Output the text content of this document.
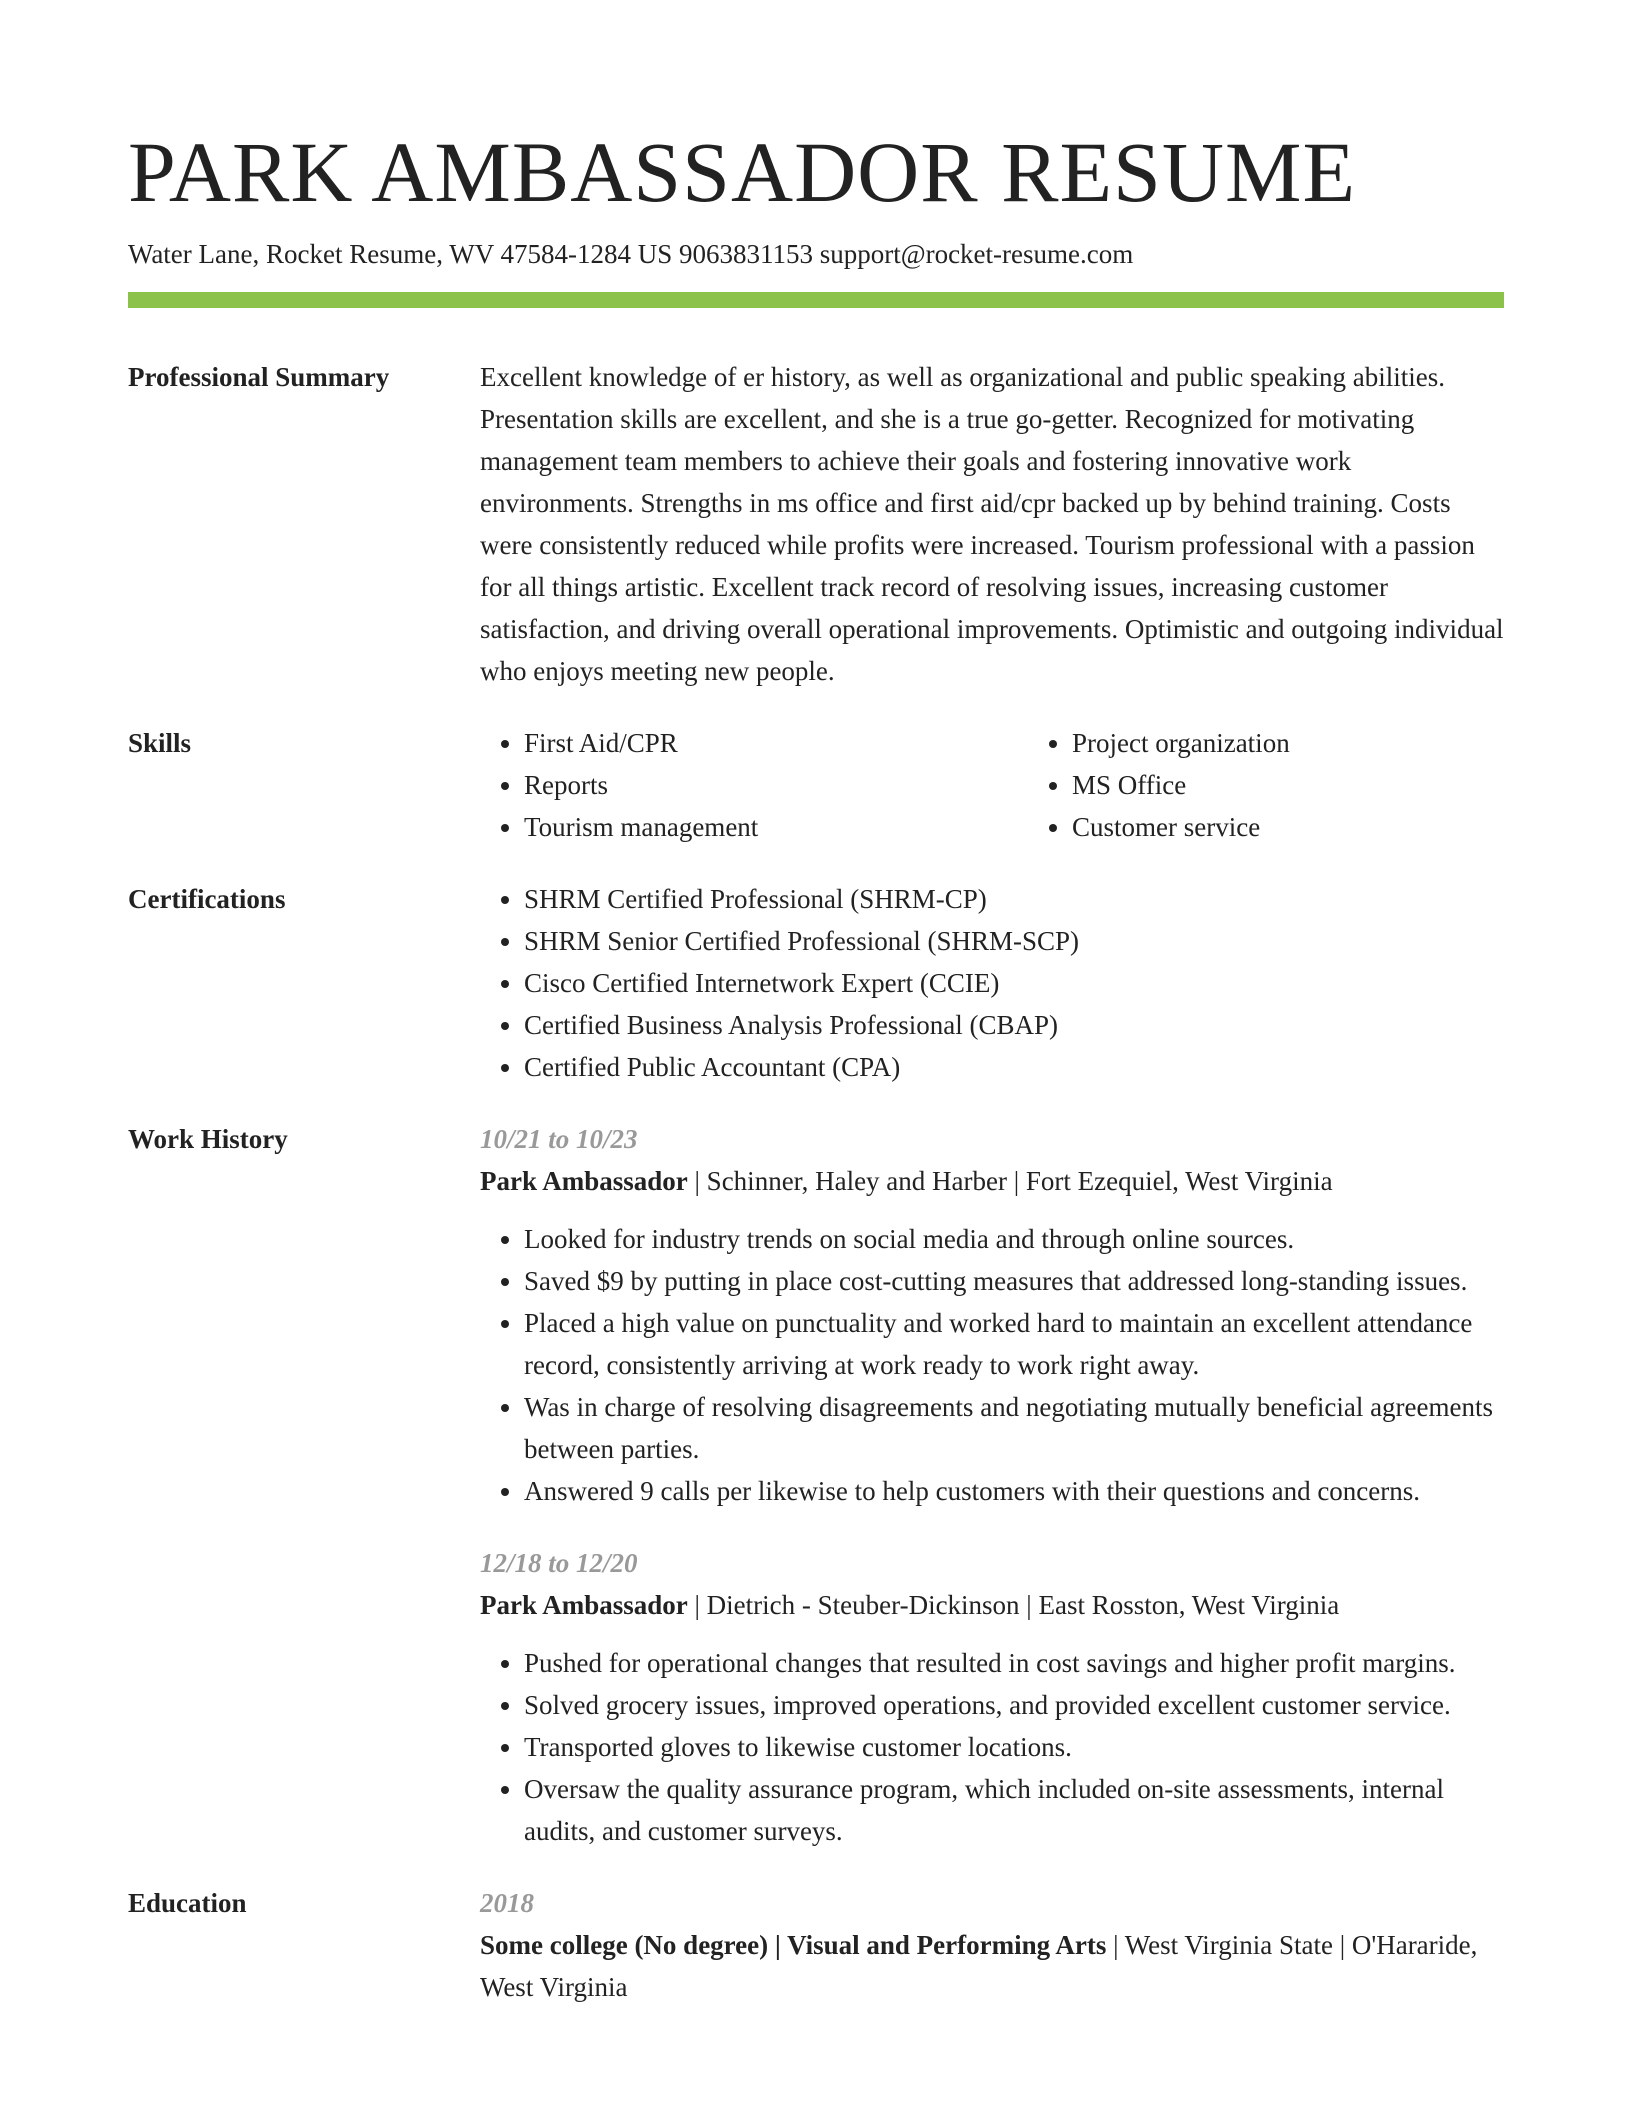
PARK AMBASSADOR RESUME
Water Lane, Rocket Resume, WV 47584-1284 US 9063831153 support@rocket-resume.com
Professional Summary	Excellent knowledge of er history, as well as organizational and public speaking abilities. Presentation skills are excellent, and she is a true go-getter. Recognized for motivating management team members to achieve their goals and fostering innovative work environments. Strengths in ms office and first aid/cpr backed up by behind training. Costs were consistently reduced while profits were increased. Tourism professional with a passion for all things artistic. Excellent track record of resolving issues, increasing customer satisfaction, and driving overall operational improvements. Optimistic and outgoing individual who enjoys meeting new people.

Skills	• First Aid/CPR
• Reports
• Tourism management
• Project organization
• MS Office
• Customer service
Certifications	• SHRM Certified Professional (SHRM-CP)
• SHRM Senior Certified Professional (SHRM-SCP)
• Cisco Certified Internetwork Expert (CCIE)
• Certified Business Analysis Professional (CBAP)
• Certified Public Accountant (CPA)
Work History	10/21 to 10/23
Park Ambassador | Schinner, Haley and Harber | Fort Ezequiel, West Virginia
• Looked for industry trends on social media and through online sources.
• Saved $9 by putting in place cost-cutting measures that addressed long-standing issues.
• Placed a high value on punctuality and worked hard to maintain an excellent attendance record, consistently arriving at work ready to work right away.
• Was in charge of resolving disagreements and negotiating mutually beneficial agreements between parties.
• Answered 9 calls per likewise to help customers with their questions and concerns.
12/18 to 12/20
Park Ambassador | Dietrich - Steuber-Dickinson | East Rosston, West Virginia
• Pushed for operational changes that resulted in cost savings and higher profit margins.
• Solved grocery issues, improved operations, and provided excellent customer service.
• Transported gloves to likewise customer locations.
• Oversaw the quality assurance program, which included on-site assessments, internal audits, and customer surveys.
Education	2018
Some college (No degree) | Visual and Performing Arts | West Virginia State | O'Hararide, West Virginia
